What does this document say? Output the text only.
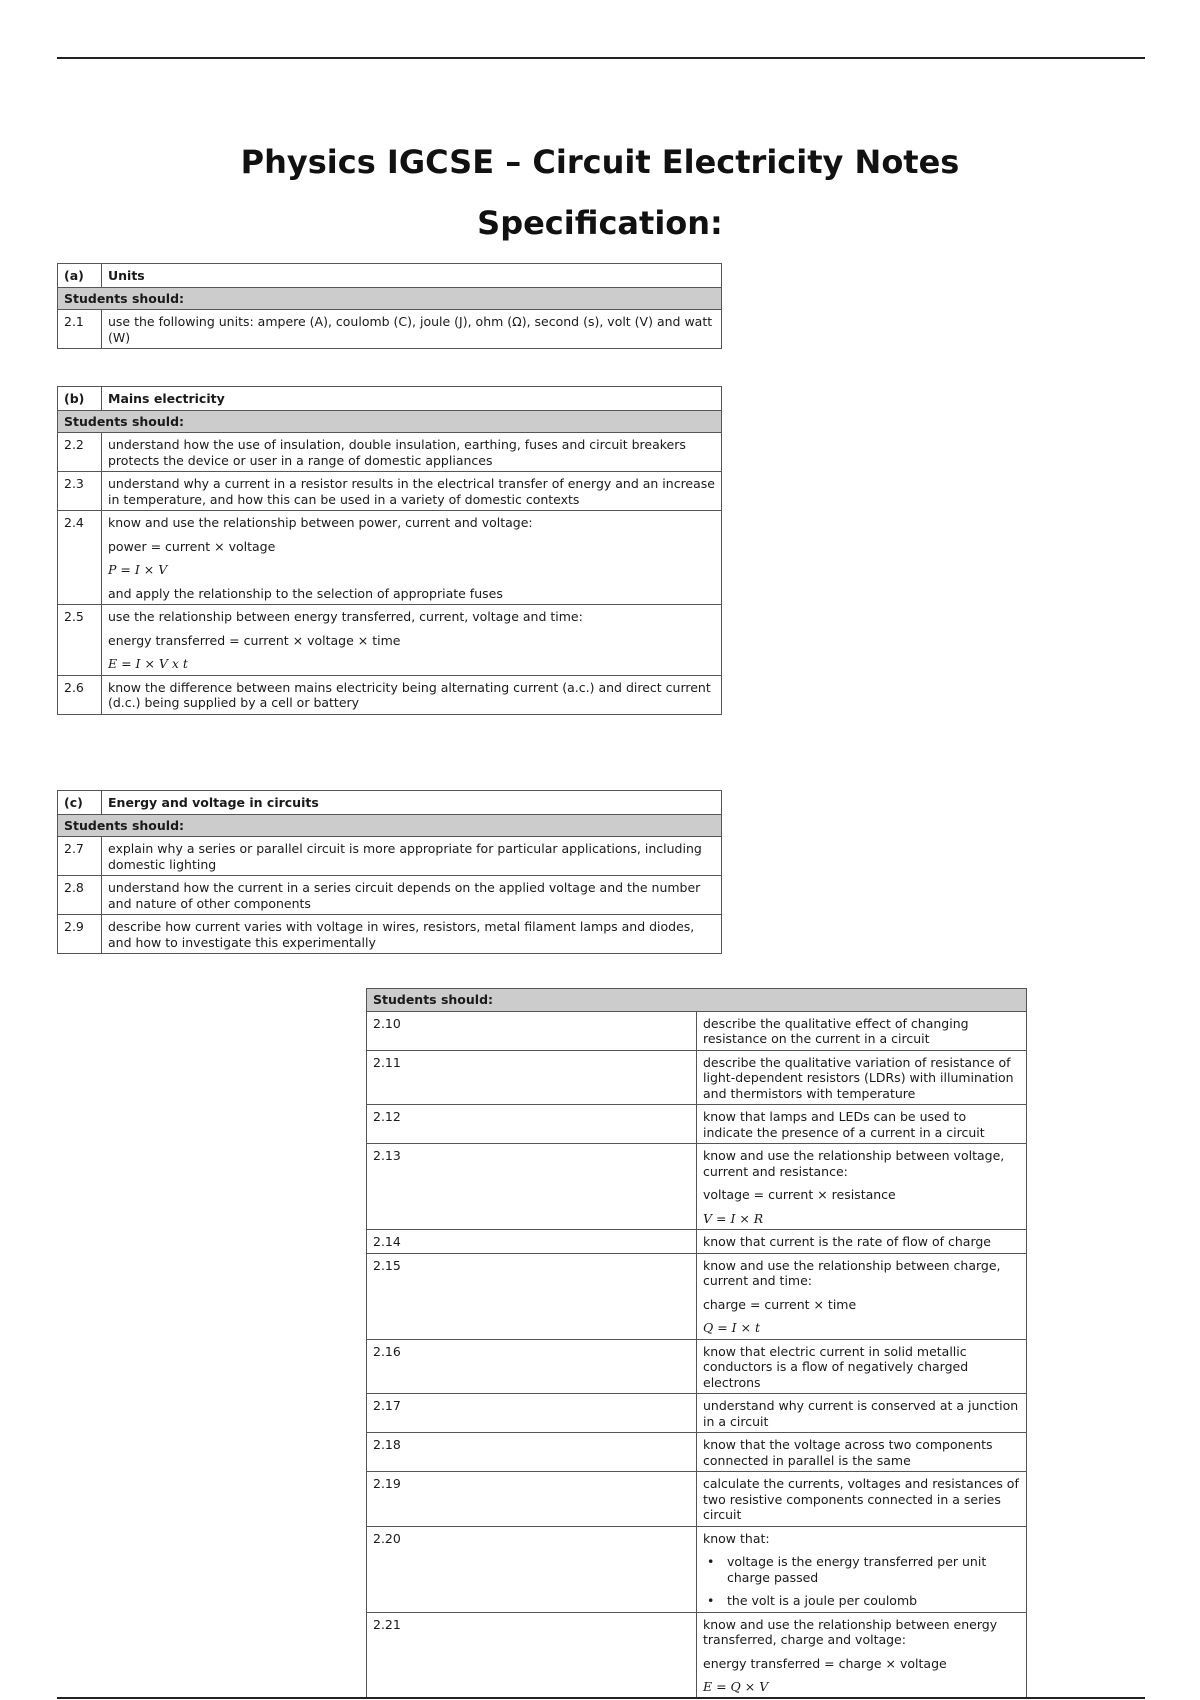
Physics IGCSE – Circuit Electricity Notes
Specification:
(a)	Units
Students should:	
2.1	use the following units: ampere (A), coulomb (C), joule (J), ohm (Ω), second (s), volt (V) and watt (W)
(b)	Mains electricity
Students should:	
2.2	understand how the use of insulation, double insulation, earthing, fuses and circuit breakers protects the device or user in a range of domestic appliances
2.3	understand why a current in a resistor results in the electrical transfer of energy and an increase in temperature, and how this can be used in a variety of domestic contexts
2.4	know and use the relationship between power, current and voltage:
power = current × voltage
P = I × V
and apply the relationship to the selection of appropriate fuses

2.5	use the relationship between energy transferred, current, voltage and time:
energy transferred = current × voltage × time
E = I × V x t

2.6	know the difference between mains electricity being alternating current (a.c.) and direct current (d.c.) being supplied by a cell or battery
(c)	Energy and voltage in circuits
Students should:	
2.7	explain why a series or parallel circuit is more appropriate for particular applications, including domestic lighting
2.8	understand how the current in a series circuit depends on the applied voltage and the number and nature of other components
2.9	describe how current varies with voltage in wires, resistors, metal filament lamps and diodes, and how to investigate this experimentally
Students should:	
2.10	describe the qualitative effect of changing resistance on the current in a circuit
2.11	describe the qualitative variation of resistance of light-dependent resistors (LDRs) with illumination and thermistors with temperature
2.12	know that lamps and LEDs can be used to indicate the presence of a current in a circuit
2.13	know and use the relationship between voltage, current and resistance:
voltage = current × resistance
V = I × R

2.14	know that current is the rate of flow of charge
2.15	know and use the relationship between charge, current and time:
charge = current × time
Q = I × t

2.16	know that electric current in solid metallic conductors is a flow of negatively charged electrons
2.17	understand why current is conserved at a junction in a circuit
2.18	know that the voltage across two components connected in parallel is the same
2.19	calculate the currents, voltages and resistances of two resistive components connected in a series circuit
2.20	know that:
• voltage is the energy transferred per unit charge passed
• the volt is a joule per coulomb

2.21	know and use the relationship between energy transferred, charge and voltage:
energy transferred = charge × voltage
E = Q × V
